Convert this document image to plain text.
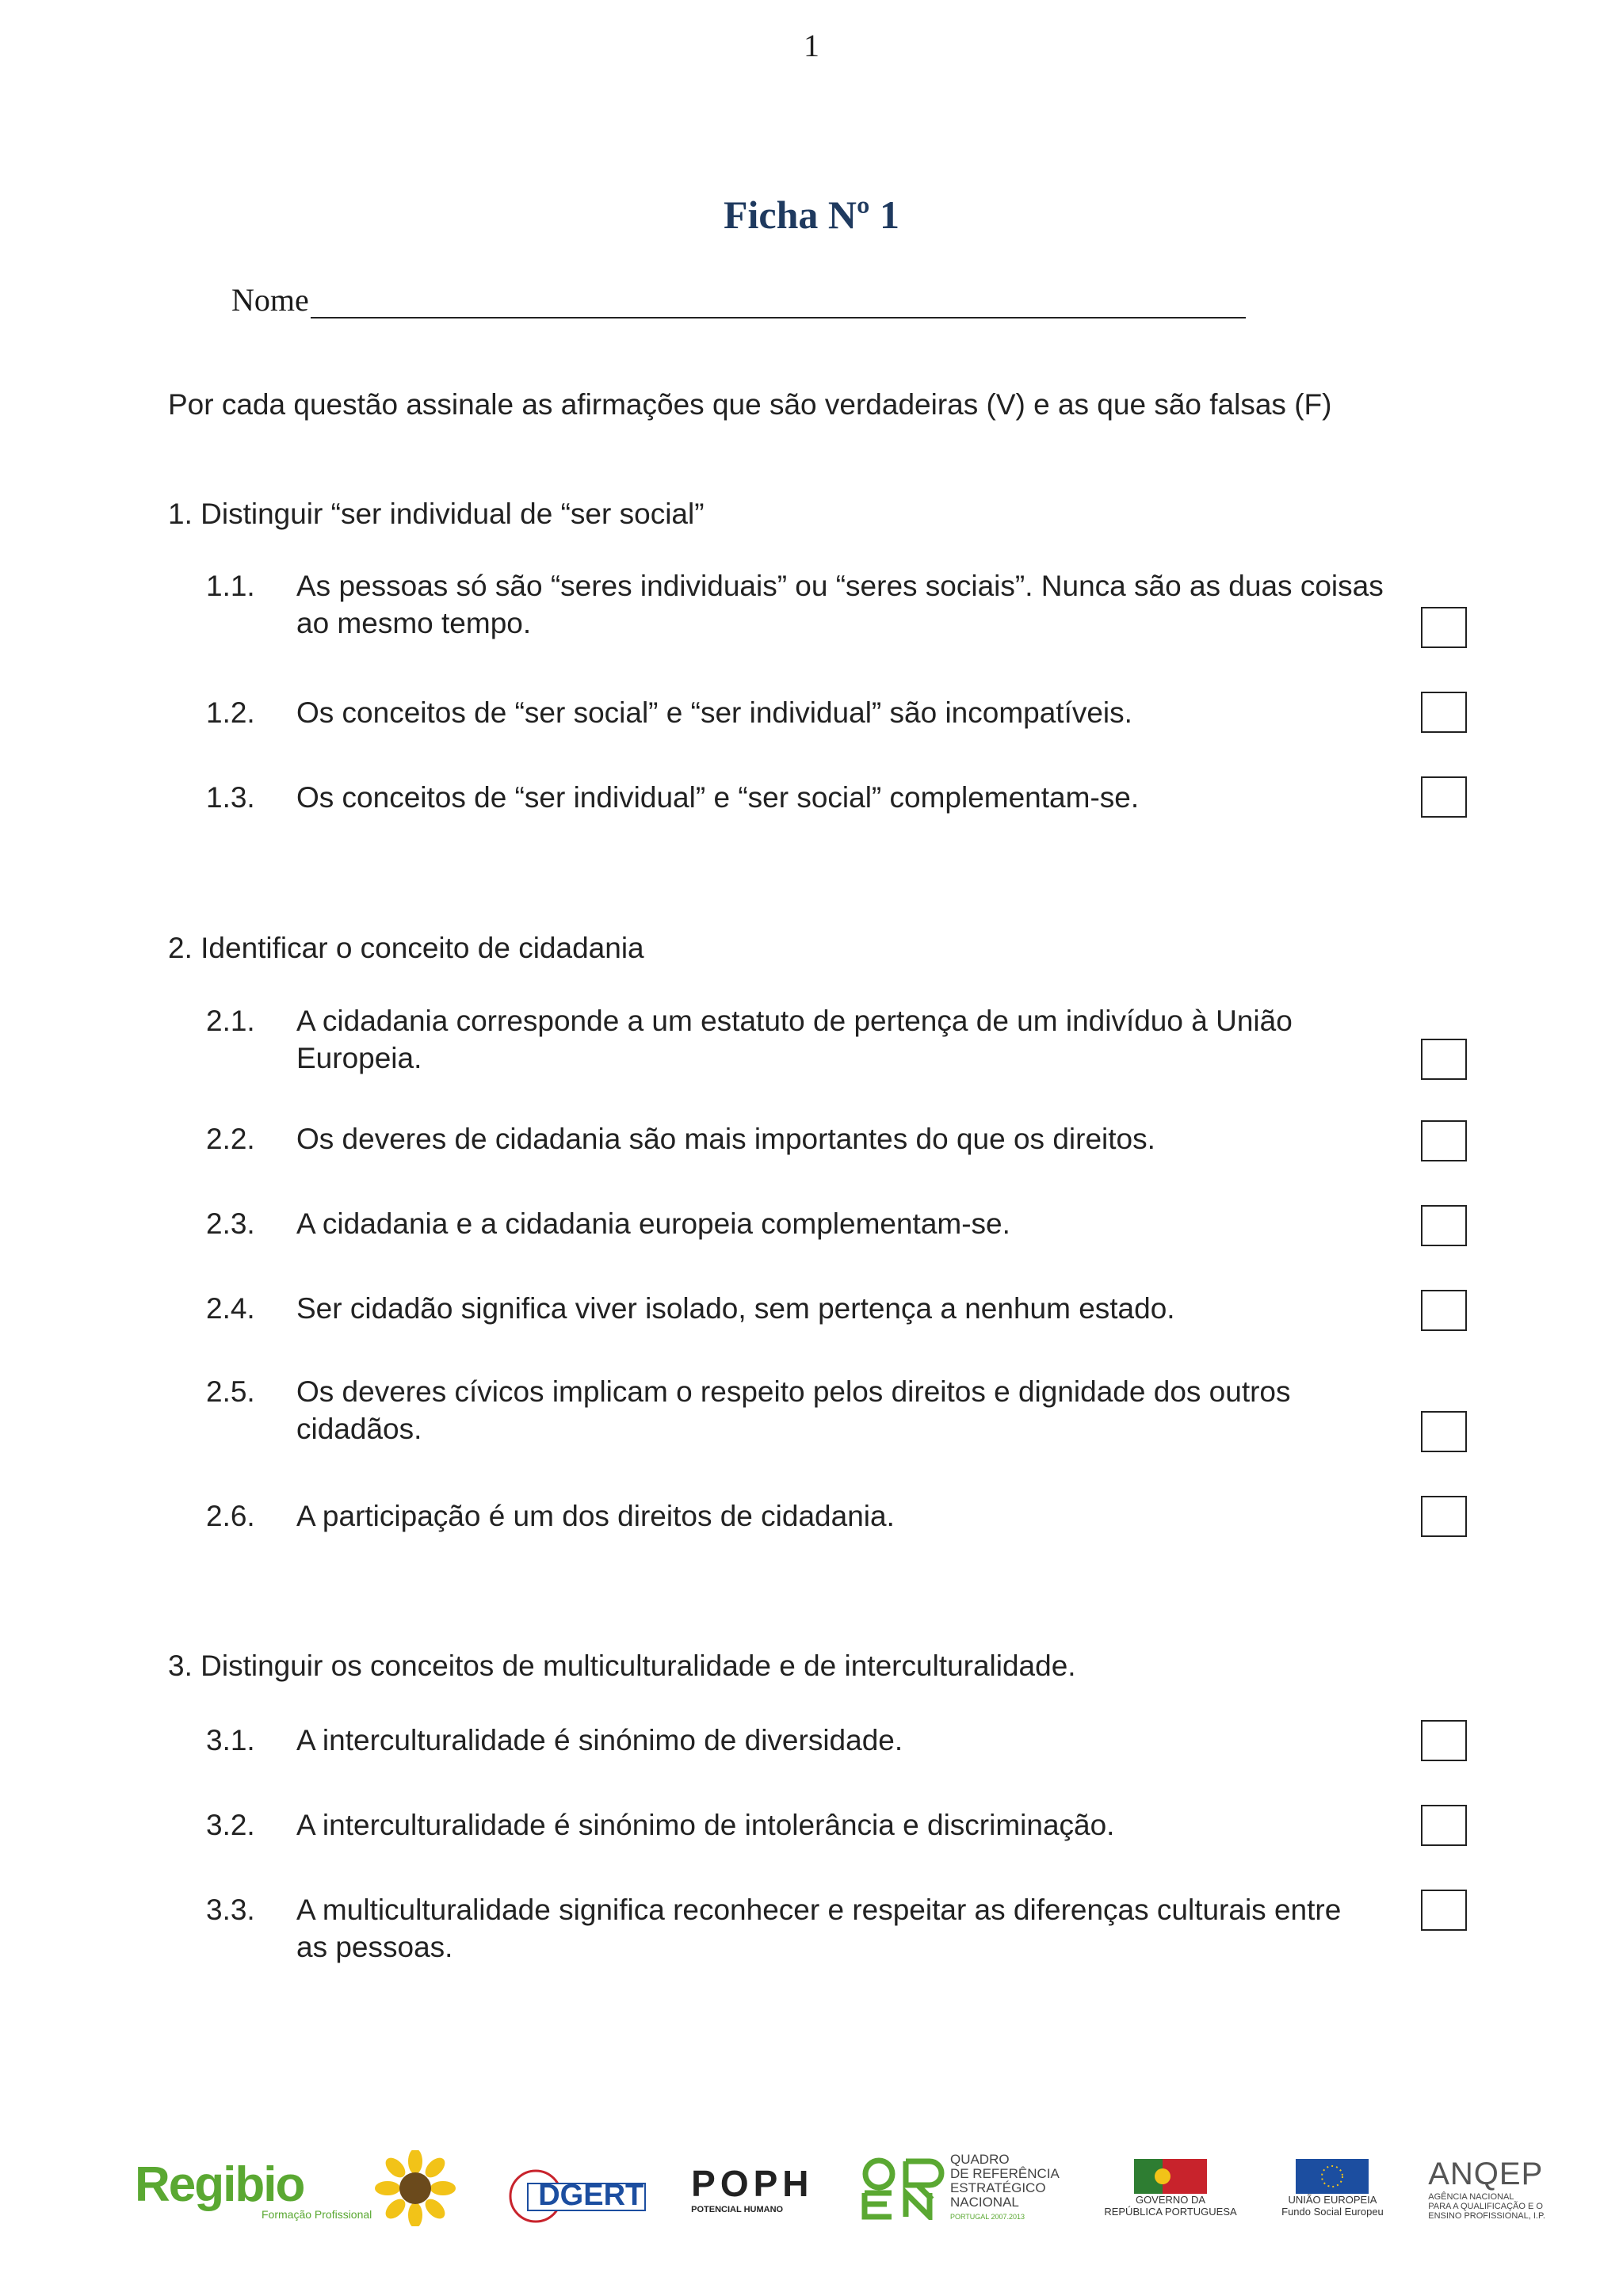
1
Ficha Nº 1
Nome
Por cada questão assinale as afirmações que são verdadeiras (V) e as que são falsas (F)
1. Distinguir “ser individual de “ser social”
1.1.	As pessoas só são “seres individuais” ou “seres sociais”. Nunca são as duas coisas
ao mesmo tempo.
1.2.	Os conceitos de “ser social” e “ser individual” são incompatíveis.
1.3.	Os conceitos de “ser individual” e “ser social” complementam-se.
2. Identificar o conceito de cidadania
2.1.	A cidadania corresponde a um estatuto de pertença de um indivíduo à União
Europeia.
2.2.	Os deveres de cidadania são mais importantes do que os direitos.
2.3.	A cidadania e a cidadania europeia complementam-se.
2.4.	Ser cidadão significa viver isolado, sem pertença a nenhum estado.
2.5.	Os deveres cívicos implicam o respeito pelos direitos e dignidade dos outros
cidadãos.
2.6.	A participação é um dos direitos de cidadania.
3. Distinguir os conceitos de multiculturalidade e de interculturalidade.
3.1.	A interculturalidade é sinónimo de diversidade.
3.2.	A interculturalidade é sinónimo de intolerância e discriminação.
3.3.	A multiculturalidade significa reconhecer e respeitar as diferenças culturais entre
as pessoas.
Regibio
Formação Profissional
DGERT POPH
POTENCIAL HUMANO
QUADRO
DE REFERÊNCIA
ESTRATÉGICO
NACIONAL
PORTUGAL 2007.2013
GOVERNO DA
REPÚBLICA PORTUGUESA
UNIÃO EUROPEIA
Fundo Social Europeu
ANQEP
AGÊNCIA NACIONAL
PARA A QUALIFICAÇÃO E O
ENSINO PROFISSIONAL, I.P.
